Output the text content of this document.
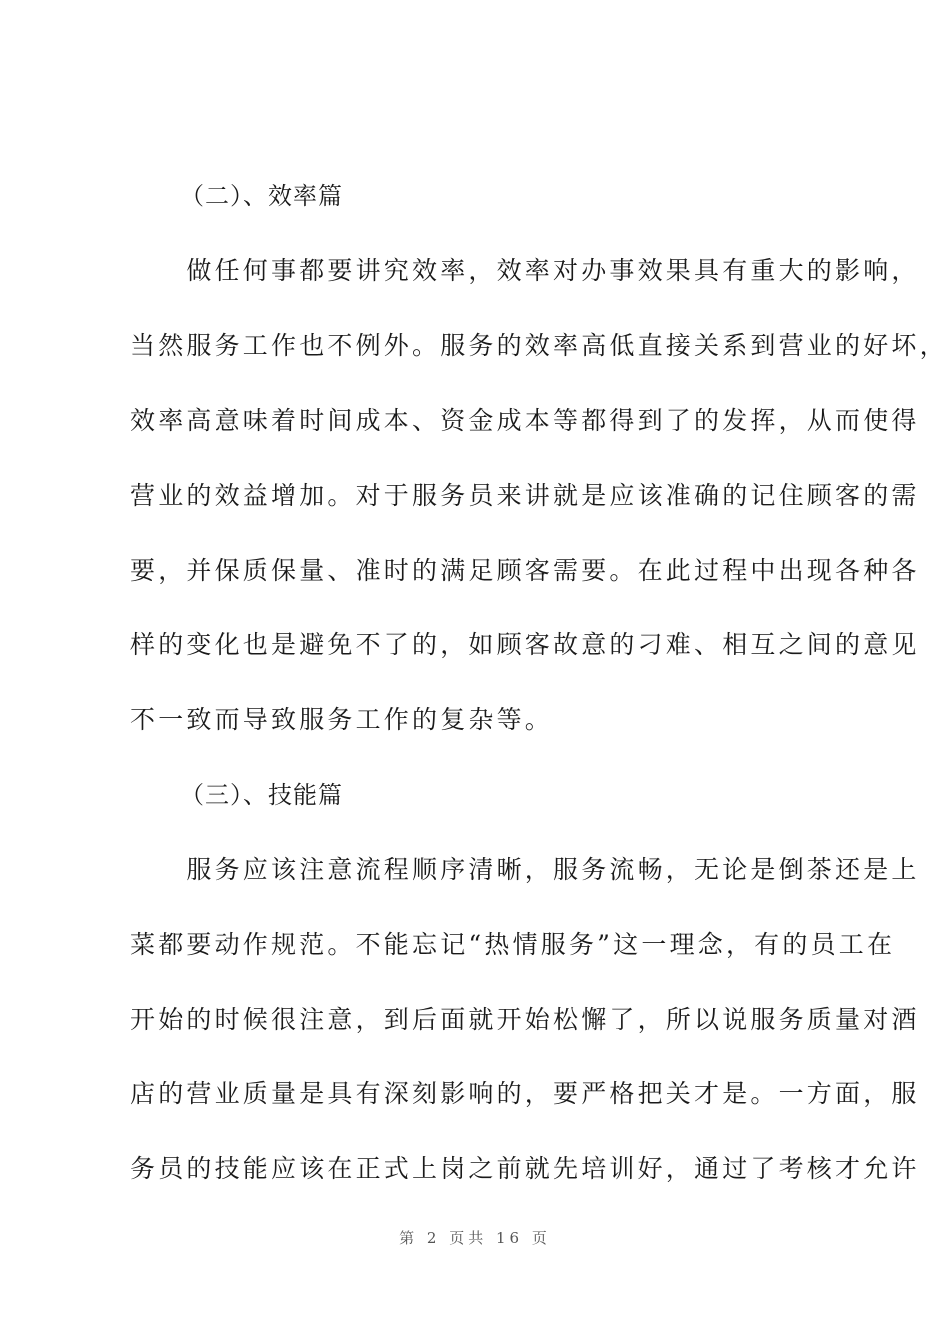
（二）、效率篇
　　做任何事都要讲究效率，效率对办事效果具有重大的影响，
当然服务工作也不例外。服务的效率高低直接关系到营业的好坏，
效率高意味着时间成本、资金成本等都得到了的发挥，从而使得
营业的效益增加。对于服务员来讲就是应该准确的记住顾客的需
要，并保质保量、准时的满足顾客需要。在此过程中出现各种各
样的变化也是避免不了的，如顾客故意的刁难、相互之间的意见
不一致而导致服务工作的复杂等。
（三）、技能篇
　　服务应该注意流程顺序清晰，服务流畅，无论是倒茶还是上
菜都要动作规范。不能忘记“热情服务”这一理念，有的员工在
开始的时候很注意，到后面就开始松懈了，所以说服务质量对酒
店的营业质量是具有深刻影响的，要严格把关才是。一方面，服
务员的技能应该在正式上岗之前就先培训好，通过了考核才允许
第 2 页共 16 页
